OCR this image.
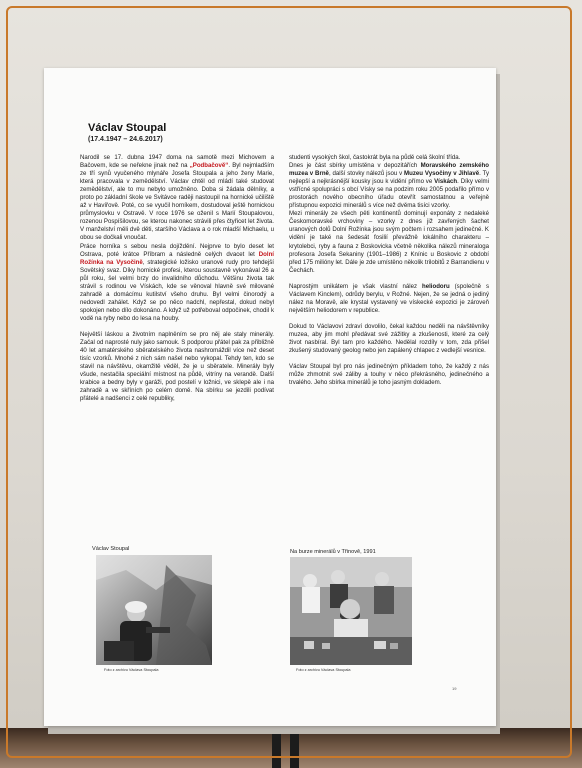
Václav Stoupal
(17.4.1947 – 24.6.2017)

Narodil se 17. dubna 1947 doma na samotě mezi Michovem a Bačovem, kde se neřekne jinak než na „Podbačově“. Byl nejmladším ze tří synů vyučeného mlynáře Josefa Stoupala a jeho ženy Marie, která pracovala v zemědělství. Václav chtěl od mládí také studovat zemědělství, ale to mu nebylo umožněno. Doba si žádala dělníky, a proto po základní škole ve Svitávce raději nastoupil na hornické učiliště až v Havířově. Poté, co se vyučil horníkem, dostudoval ještě hornickou průmyslovku v Ostravě. V roce 1976 se oženil s Marií Stoupalovou, rozenou Pospíšilovou, se kterou nakonec strávili přes čtyřicet let života. V manželství měli dvě děti, staršího Václava a o rok mladší Michaelu, u obou se dočkali vnoučat.

Práce horníka s sebou nesla dojíždění. Nejprve to bylo deset let Ostrava, poté krátce Příbram a následně celých dvacet let Dolní Rožínka na Vysočině, strategické ložisko uranové rudy pro tehdejší Sovětský svaz. Díky hornické profesi, kterou soustavně vykonával 26 a půl roku, šel velmi brzy do invalidního důchodu. Většinu života tak strávil s rodinou ve Vískách, kde se věnoval hlavně své milované zahradě a domácímu kutilství všeho druhu. Byl velmi činorodý a nedovedl zahálet. Když se po něco nadchl, nepřestal, dokud nebyl spokojen nebo dílo dokonáno. A když už potřeboval odpočinek, chodil k vodě na ryby nebo do lesa na houby.

Největší láskou a životním naplněním se pro něj ale staly minerály. Začal od naprosté nuly jako samouk. S podporou přátel pak za přibližně 40 let amatérského sběratelského života nashromáždil více než deset tisíc vzorků. Mnohé z nich sám našel nebo vykopal. Tehdy ten, kdo se stavil na návštěvu, okamžitě věděl, že je u sběratele. Minerály byly všude, nestačila speciální místnost na půdě, vitríny na verandě. Další krabice a bedny byly v garáži, pod postelí v ložnici, ve sklepě ale i na zahradě a ve skříních po celém domě. Na sbírku se jezdili podívat přátelé a nadšenci z celé republiky,

studenti vysokých škol, častokrát byla na půdě celá školní třída.

Dnes je část sbírky umístěna v depozitářích Moravského zemského muzea v Brně, další stovky nálezů jsou v Muzeu Vysočiny v Jihlavě. Ty nejlepší a nejkrásnější kousky jsou k vidění přímo ve Vískách. Díky velmi vstřícné spolupráci s obcí Vísky se na podzim roku 2005 podařilo přímo v prostorách nového obecního úřadu otevřít samostatnou a veřejně přístupnou expozici minerálů s více než dvěma tisíci vzorky.

Mezi minerály ze všech pěti kontinentů dominují exponáty z nedaleké Českomoravské vrchoviny – vzorky z dnes již zavřených šachet uranových dolů Dolní Rožínka jsou svým počtem i rozsahem jedinečné. K vidění je také na šedesát fosilií převážně lokálního charakteru – krytolebci, ryby a fauna z Boskovicka včetně několika nálezů mineraloga profesora Josefa Sekaniny (1901–1986) z Knínic u Boskovic z období před 175 milióny let. Dále je zde umístěno několik trilobitů z Barrandienu v Čechách.

Naprostým unikátem je však vlastní nález heliodoru (společně s Václavem Kinclem), odrůdy berylu, v Rožné. Nejen, že se jedná o jediný nález na Moravě, ale krystal vystavený ve vískecké expozici je zároveň největším heliodorem v republice.

Dokud to Václavovi zdraví dovolilo, čekal každou neděli na návštěvníky muzea, aby jim mohl předávat své zážitky a zkušenosti, které za celý život nasbíral. Byl tam pro každého. Nedělal rozdíly v tom, zda přišel zkušený studovaný geolog nebo jen zapálený chlapec z vedlejší vesnice.

Václav Stoupal byl pro nás jedinečným příkladem toho, že každý z nás může zhmotnit své záliby a touhy v něco překrásného, jedinečného a trvalého. Jeho sbírka minerálů je toho jasným dokladem.

Václav Stoupal
Foto z archivu Václava Stoupala
Na burze minerálů v Třinově, 1991
Foto z archivu Václava Stoupala
19
